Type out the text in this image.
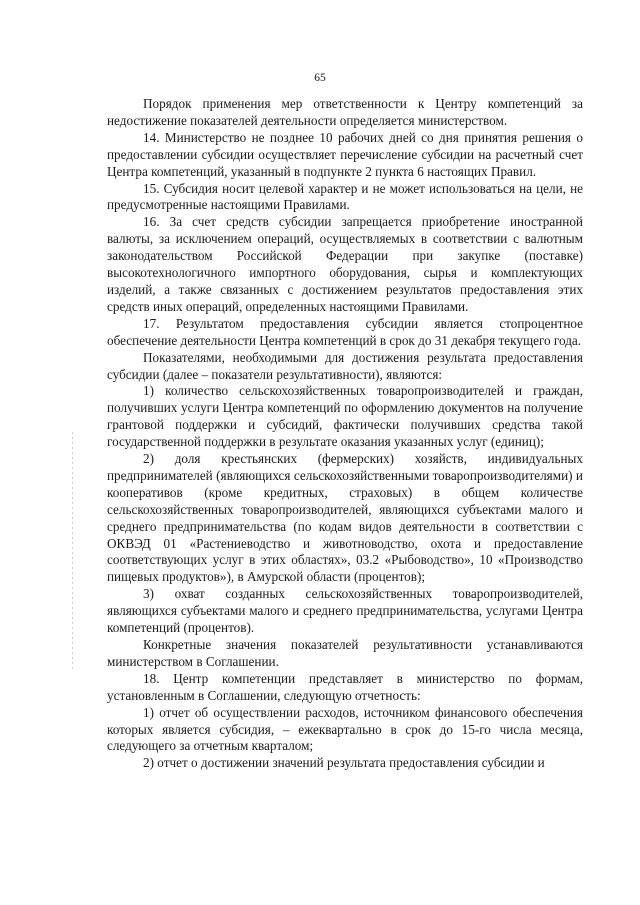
65

Порядок применения мер ответственности к Центру компетенций за недостижение показателей деятельности определяется министерством.

14. Министерство не позднее 10 рабочих дней со дня принятия решения о предоставлении субсидии осуществляет перечисление субсидии на расчетный счет Центра компетенций, указанный в подпункте 2 пункта 6 настоящих Правил.

15. Субсидия носит целевой характер и не может использоваться на цели, не предусмотренные настоящими Правилами.

16. За счет средств субсидии запрещается приобретение иностранной валюты, за исключением операций, осуществляемых в соответствии с валютным законодательством Российской Федерации при закупке (поставке) высокотехнологичного импортного оборудования, сырья и комплектующих изделий, а также связанных с достижением результатов предоставления этих средств иных операций, определенных настоящими Правилами.

17. Результатом предоставления субсидии является стопроцентное обеспечение деятельности Центра компетенций в срок до 31 декабря текущего года.

Показателями, необходимыми для достижения результата предоставления субсидии (далее – показатели результативности), являются:

1) количество сельскохозяйственных товаропроизводителей и граждан, получивших услуги Центра компетенций по оформлению документов на получение грантовой поддержки и субсидий, фактически получивших средства такой государственной поддержки в результате оказания указанных услуг (единиц);

2) доля крестьянских (фермерских) хозяйств, индивидуальных предпринимателей (являющихся сельскохозяйственными товаропроизводителями) и кооперативов (кроме кредитных, страховых) в общем количестве сельскохозяйственных товаропроизводителей, являющихся субъектами малого и среднего предпринимательства (по кодам видов деятельности в соответствии с ОКВЭД 01 «Растениеводство и животноводство, охота и предоставление соответствующих услуг в этих областях», 03.2 «Рыбоводство», 10 «Производство пищевых продуктов»), в Амурской области (процентов);

3) охват созданных сельскохозяйственных товаропроизводителей, являющихся субъектами малого и среднего предпринимательства, услугами Центра компетенций (процентов).

Конкретные значения показателей результативности устанавливаются министерством в Соглашении.

18. Центр компетенции представляет в министерство по формам, установленным в Соглашении, следующую отчетность:

1) отчет об осуществлении расходов, источником финансового обеспечения которых является субсидия, – ежеквартально в срок до 15-го числа месяца, следующего за отчетным кварталом;

2) отчет о достижении значений результата предоставления субсидии и
